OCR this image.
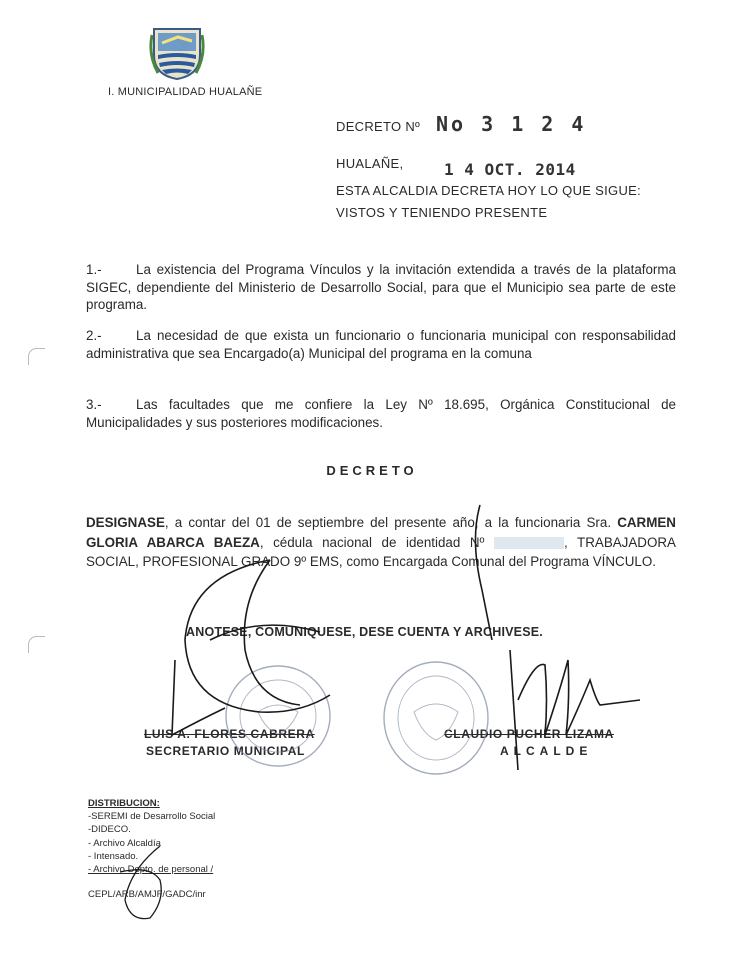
I. MUNICIPALIDAD HUALAÑE
DECRETO Nº No 3 1 2 4
HUALAÑE,	1 4 OCT. 2014
ESTA ALCALDIA DECRETA HOY LO QUE SIGUE:
VISTOS Y TENIENDO PRESENTE
1.-	La existencia del Programa Vínculos y la invitación extendida a través de la plataforma SIGEC, dependiente del Ministerio de Desarrollo Social, para que el Municipio sea parte de este programa.
2.-	La necesidad de que exista un funcionario o funcionaria municipal con responsabilidad administrativa que sea Encargado(a) Municipal del programa en la comuna
3.-	Las facultades que me confiere la Ley Nº 18.695, Orgánica Constitucional de Municipalidades y sus posteriores modificaciones.
DECRETO
DESIGNASE, a contar del 01 de septiembre del presente año, a la funcionaria Sra. CARMEN GLORIA ABARCA BAEZA, cédula nacional de identidad Nº	, TRABAJADORA SOCIAL, PROFESIONAL GRADO 9º EMS, como Encargada Comunal del Programa VÍNCULO.
ANOTESE, COMUNIQUESE, DESE CUENTA Y ARCHIVESE.
LUIS A. FLORES CABRERA
SECRETARIO MUNICIPAL
CLAUDIO PUCHER LIZAMA
ALCALDE
DISTRIBUCION:
-SEREMI de Desarrollo Social
-DIDECO.
- Archivo Alcaldía
- Intensado.
- Archivo Depto. de personal /
CEPL/ARB/AMJF/GADC/inr
